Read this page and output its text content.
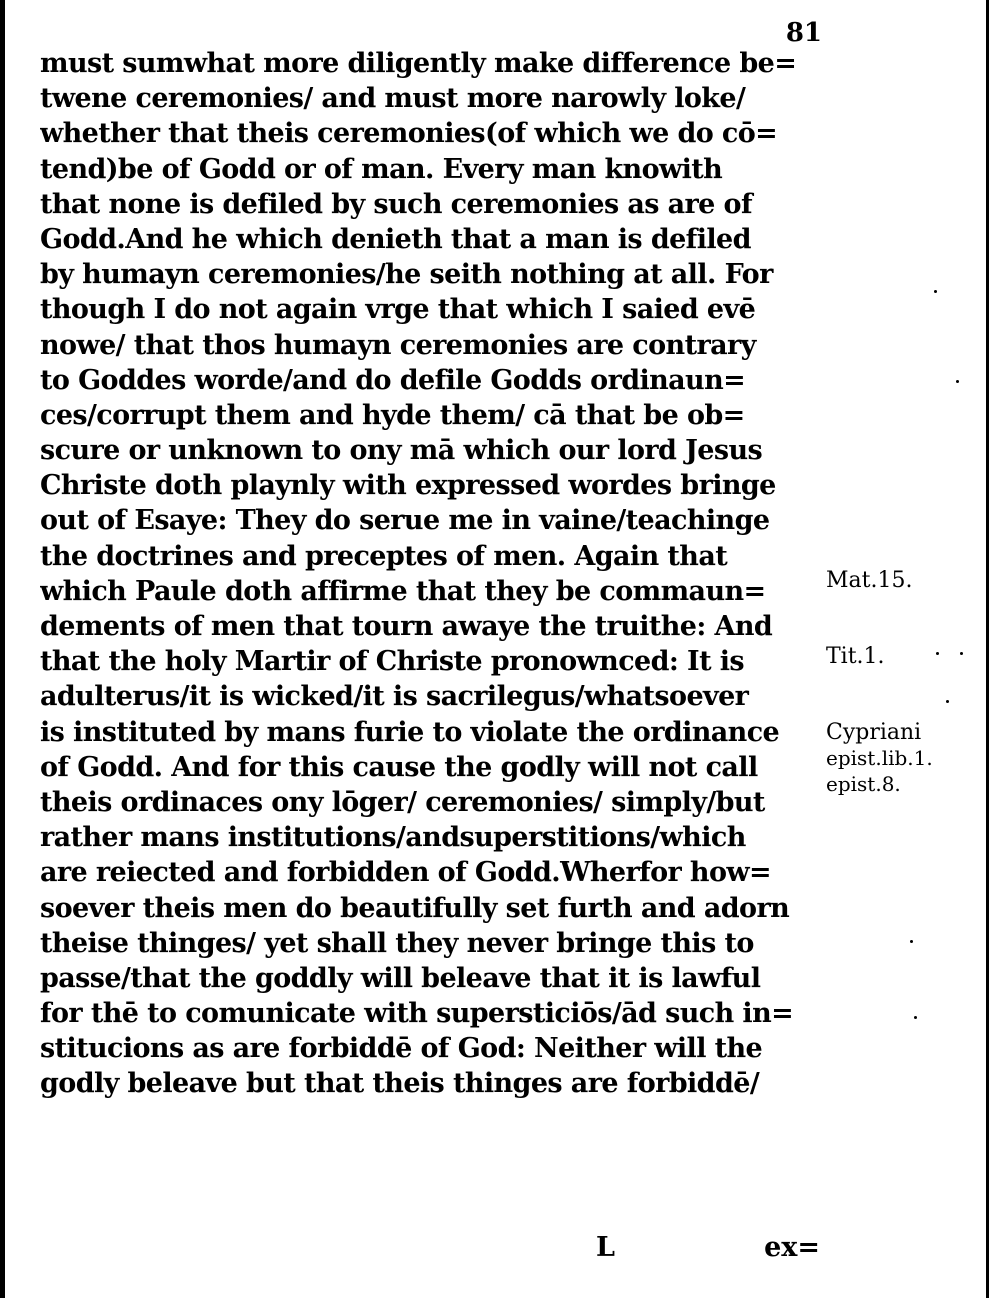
81
must sumwhat more diligently make difference be=
twene ceremonies/ and must more narowly loke/
whether that theis ceremonies(of which we do cō=
tend)be of Godd or of man. Every man knowith
that none is defiled by such ceremonies as are of
Godd.And he which denieth that a man is defiled
by humayn ceremonies/he seith nothing at all. For
though I do not again vrge that which I saied evē
nowe/ that thos humayn ceremonies are contrary
to Goddes worde/and do defile Godds ordinaun=
ces/corrupt them and hyde them/ cā that be ob=
scure or unknown to ony mā which our lord Jesus
Christe doth playnly with expressed wordes bringe
out of Esaye: They do serue me in vaine/teachinge
the doctrines and preceptes of men. Again that
which Paule doth affirme that they be commaun=
dements of men that tourn awaye the truithe: And
that the holy Martir of Christe pronownced: It is
adulterus/it is wicked/it is sacrilegus/whatsoever
is instituted by mans furie to violate the ordinance
of Godd. And for this cause the godly will not call
theis ordinaces ony lōger/ ceremonies/ simply/but
rather mans institutions/andsuperstitions/which
are reiected and forbidden of Godd.Wherfor how=
soever theis men do beautifully set furth and adorn
theise thinges/ yet shall they never bringe this to
passe/that the goddly will beleave that it is lawful
for thē to comunicate with supersticiōs/ād such in=
stitucions as are forbiddē of God: Neither will the
godly beleave but that theis thinges are forbiddē/
L	ex=
Mat.15.
Tit.1.
Cypriani
epist.lib.1.
epist.8.
